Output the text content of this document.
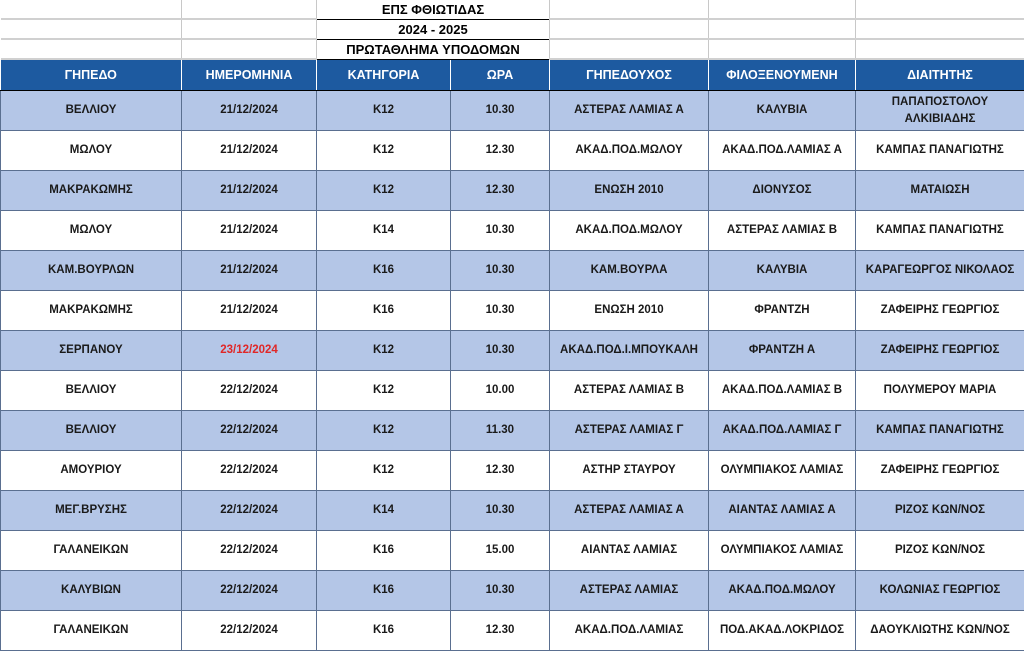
		ΕΠΣ ΦΘΙΩΤΙΔΑΣ				
		2024 - 2025				
		ΠΡΩΤΑΘΛΗΜΑ ΥΠΟΔΟΜΩΝ				
ΓΗΠΕΔΟ	ΗΜΕΡΟΜΗΝΙΑ	ΚΑΤΗΓΟΡΙΑ	ΩΡΑ	ΓΗΠΕΔΟΥΧΟΣ	ΦΙΛΟΞΕΝΟΥΜΕΝΗ	ΔΙΑΙΤΗΤΗΣ
ΒΕΛΛΙΟΥ	21/12/2024	Κ12	10.30	ΑΣΤΕΡΑΣ ΛΑΜΙΑΣ Α	ΚΑΛΥΒΙΑ	ΠΑΠΑΠΟΣΤΟΛΟΥ ΑΛΚΙΒΙΑΔΗΣ
ΜΩΛΟΥ	21/12/2024	Κ12	12.30	ΑΚΑΔ.ΠΟΔ.ΜΩΛΟΥ	ΑΚΑΔ.ΠΟΔ.ΛΑΜΙΑΣ Α	ΚΑΜΠΑΣ ΠΑΝΑΓΙΩΤΗΣ
ΜΑΚΡΑΚΩΜΗΣ	21/12/2024	Κ12	12.30	ΕΝΩΣΗ 2010	ΔΙΟΝΥΣΟΣ	ΜΑΤΑΙΩΣΗ
ΜΩΛΟΥ	21/12/2024	Κ14	10.30	ΑΚΑΔ.ΠΟΔ.ΜΩΛΟΥ	ΑΣΤΕΡΑΣ ΛΑΜΙΑΣ Β	ΚΑΜΠΑΣ ΠΑΝΑΓΙΩΤΗΣ
ΚΑΜ.ΒΟΥΡΛΩΝ	21/12/2024	Κ16	10.30	ΚΑΜ.ΒΟΥΡΛΑ	ΚΑΛΥΒΙΑ	ΚΑΡΑΓΕΩΡΓΟΣ ΝΙΚΟΛΑΟΣ
ΜΑΚΡΑΚΩΜΗΣ	21/12/2024	Κ16	10.30	ΕΝΩΣΗ 2010	ΦΡΑΝΤΖΗ	ΖΑΦΕΙΡΗΣ ΓΕΩΡΓΙΟΣ
ΣΕΡΠΑΝΟΥ	23/12/2024	Κ12	10.30	ΑΚΑΔ.ΠΟΔ.Ι.ΜΠΟΥΚΑΛΗ	ΦΡΑΝΤΖΗ Α	ΖΑΦΕΙΡΗΣ ΓΕΩΡΓΙΟΣ
ΒΕΛΛΙΟΥ	22/12/2024	Κ12	10.00	ΑΣΤΕΡΑΣ ΛΑΜΙΑΣ Β	ΑΚΑΔ.ΠΟΔ.ΛΑΜΙΑΣ Β	ΠΟΛΥΜΕΡΟΥ ΜΑΡΙΑ
ΒΕΛΛΙΟΥ	22/12/2024	Κ12	11.30	ΑΣΤΕΡΑΣ ΛΑΜΙΑΣ Γ	ΑΚΑΔ.ΠΟΔ.ΛΑΜΙΑΣ Γ	ΚΑΜΠΑΣ ΠΑΝΑΓΙΩΤΗΣ
ΑΜΟΥΡΙΟΥ	22/12/2024	Κ12	12.30	ΑΣΤΗΡ ΣΤΑΥΡΟΥ	ΟΛΥΜΠΙΑΚΟΣ ΛΑΜΙΑΣ	ΖΑΦΕΙΡΗΣ ΓΕΩΡΓΙΟΣ
ΜΕΓ.ΒΡΥΣΗΣ	22/12/2024	Κ14	10.30	ΑΣΤΕΡΑΣ ΛΑΜΙΑΣ Α	ΑΙΑΝΤΑΣ ΛΑΜΙΑΣ Α	ΡΙΖΟΣ ΚΩΝ/ΝΟΣ
ΓΑΛΑΝΕΙΚΩΝ	22/12/2024	Κ16	15.00	ΑΙΑΝΤΑΣ ΛΑΜΙΑΣ	ΟΛΥΜΠΙΑΚΟΣ ΛΑΜΙΑΣ	ΡΙΖΟΣ ΚΩΝ/ΝΟΣ
ΚΑΛΥΒΙΩΝ	22/12/2024	Κ16	10.30	ΑΣΤΕΡΑΣ ΛΑΜΙΑΣ	ΑΚΑΔ.ΠΟΔ.ΜΩΛΟΥ	ΚΟΛΩΝΙΑΣ ΓΕΩΡΓΙΟΣ
ΓΑΛΑΝΕΙΚΩΝ	22/12/2024	Κ16	12.30	ΑΚΑΔ.ΠΟΔ.ΛΑΜΙΑΣ	ΠΟΔ.ΑΚΑΔ.ΛΟΚΡΙΔΟΣ	ΔΑΟΥΚΛΙΩΤΗΣ ΚΩΝ/ΝΟΣ
